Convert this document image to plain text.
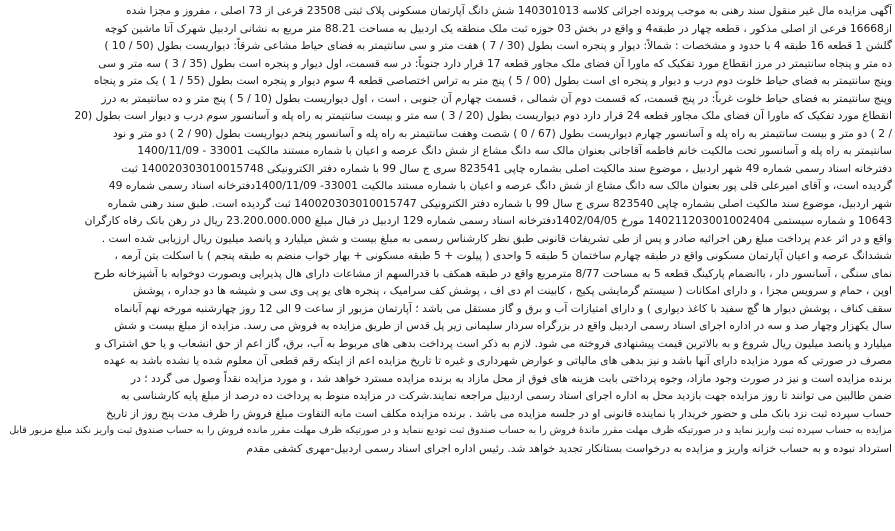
آگهی مزایده مال غیر منقول سند رهنی به موجب پرونده اجرائی کلاسه 140301013 شش دانگ آپارتمان مسکونی پلاک ثبتی 23508 فرعی از 73 اصلی ، مفروز و مجزا شده
از16668 فرعی از اصلی مذکور ، قطعه چهار در طبقه4 و واقع در بخش 03 حوزه ثبت ملک منطقه یک اردبیل به مساحت 88.21 متر مربع به نشانی اردبیل شهرک آتا ماشین کوچه
گلشن 1 قطعه 16 طبقه 4 با حدود و مشخصات : شمالاً: دیوار و پنجره است بطول (30 / 7 ) هفت متر و سی سانتیمتر به فضای حیاط مشاعی شرقاً: دیواریست بطول (50 / 10 )
ده متر و پنجاه سانتیمتر در مرز انقطاع مورد تفکیک که ماورا آن فضای ملک مجاور قطعه 17 قرار دارد جنوباً: در سه قسمت، اول دیوار و پنجره است بطول (35 / 3 ) سه متر و سی
وپنج سانتیمتر به فضای حیاط خلوت دوم درب و دیوار و پنجره ای است بطول (00 / 5 ) پنج متر به تراس اختصاصی قطعه 4 سوم دیوار و پنجره است بطول (55 / 1 ) یک متر و پنجاه
وپنج سانتیمتر به فضای حیاط خلوت غرباً: در پنج قسمت، که قسمت دوم آن شمالی ، قسمت چهارم آن جنوبی ، است ، اول دیواریست بطول (10 / 5 ) پنج متر و ده سانتیمتر به درز
انقطاع مورد تفکیک که ماورا آن فضای ملک مجاور قطعه 24 قرار دارد دوم دیواریست بطول (20 / 3 ) سه متر و بیست سانتیمتر به راه پله و آسانسور سوم درب و دیوار است بطول (20
/ 2 ) دو متر و بیست سانتیمتر به راه پله و آسانسور چهارم دیواریست بطول (67 / 0 ) شصت وهفت سانتیمتر به راه پله و آسانسور پنجم دیواریست بطول (90 / 2 ) دو متر و نود
سانتیمتر به راه پله و آسانسور تحت مالکیت خانم فاطمه آقاجانی بعنوان مالک سه دانگ مشاع از شش دانگ عرصه و اعیان با شماره مستند مالکیت 33001 - 1400/11/09
دفترخانه اسناد رسمی شماره 49 شهر اردبیل ، موضوع سند مالکیت اصلی بشماره چاپی 823541 سری ج سال 99 با شماره دفتر الکترونیکی 140020303010015748 ثبت
گردیده است، و آقای امیرعلی قلی پور بعنوان مالک سه دانگ مشاع از شش دانگ عرصه و اعیان با شماره مستند مالکیت 33001- 1400/11/09دفترخانه اسناد رسمی شماره 49
شهر اردبیل، موضوع سند مالکیت اصلی بشماره چاپی 823540 سری ج سال 99 با شماره دفتر الکترونیکی 140020303010015747 ثبت گردیده است. طبق سند رهنی شماره
10643 و شماره سیستمی 140211203001002404 مورخ 1402/04/05دفترخانه اسناد رسمی شماره 129 اردبیل در قبال مبلغ 23.200.000.000 ریال در رهن بانک رفاه کارگران
واقع و در اثر عدم پرداخت مبلغ رهن اجرائیه صادر و پس از طی تشریفات قانونی طبق نظر کارشناس رسمی به مبلغ بیست و شش میلیارد و پانصد میلیون ریال ارزیابی شده است .
ششدانگ عرصه و اعیان آپارتمان مسکونی واقع در طبقه چهارم ساختمان 5 طبقه 5 واحدی ( پیلوت + 5 طبقه مسکونی + بهار خواب منضم به طبقه پنجم ) با اسکلت بتن آرمه ،
نمای سنگی ، آسانسور دار ، باانضمام پارکینگ قطعه 5 به مساحت 8/77 مترمربع واقع در طبقه همکف با قدرالسهم از مشاعات دارای هال پذیرایی وبصورت دوخوابه با آشپزخانه طرح
اوپن ، حمام و سرویس مجزا ، و دارای امکانات ( سیستم گرمایشی پکیج ، کابینت ام دی اف ، پوشش کف سرامیک ، پنجره های یو پی وی سی و شیشه ها دو جداره ، پوشش
سقف کناف ، پوشش دیوار ها گچ سفید با کاغذ دیواری ) و دارای امتیازات آب و برق و گاز مستقل می باشد ؛ آپارتمان مزبور از ساعت 9 الی 12 روز چهارشنبه مورخه نهم آبانماه
سال یکهزار وچهار صد و سه در اداره اجرای اسناد رسمی اردبیل واقع در بزرگراه سردار سلیمانی زیر پل قدس از طریق مزایده به فروش می رسد. مزایده از مبلغ بیست و شش
میلیارد و پانصد میلیون ریال شروع و به بالاترین قیمت پیشنهادی فروخته می شود. لازم به ذکر است پرداخت بدهی های مربوط به آب، برق، گاز اعم از حق انشعاب و یا حق اشتراک و
مصرف در صورتی که مورد مزایده دارای آنها باشد و نیز بدهی های مالیاتی و عوارض شهرداری و غیره تا تاریخ مزایده اعم از اینکه رقم قطعی آن معلوم شده یا نشده باشد به عهده
برنده مزایده است و نیز در صورت وجود مازاد، وجوه پرداختی بابت هزینه های فوق از محل مازاد به برنده مزایده مسترد خواهد شد ، و مورد مزایده نقداً وصول می گردد ؛ در
ضمن طالبین می توانند تا روز مزایده جهت بازدید محل به اداره اجرای اسناد رسمی اردبیل مراجعه نمایند.شرکت در مزایده منوط به پرداخت ده درصد از مبلغ پایه کارشناسی به
حساب سپرده ثبت نزد بانک ملی و حضور خریدار یا نماینده قانونی او در جلسه مزایده می باشد . برنده مزایده مکلف است مابه التفاوت مبلغ فروش را ظرف مدت پنج روز از تاریخ
مزایده به حساب سپرده ثبت واریز نماید و در صورتیکه ظرف مهلت مقرر ماندۀ فروش را به حساب صندوق ثبت تودیع ننماید و در صورتیکه ظرف مهلت مقرر مانده فروش را به حساب صندوق ثبت واریز نکند مبلغ مزبور قابل
استرداد نبوده و به حساب خزانه واریز و مزایده به درخواست بستانکار تجدید خواهد شد. رئیس اداره اجرای اسناد رسمی اردبیل-مهری کشفی مقدم
